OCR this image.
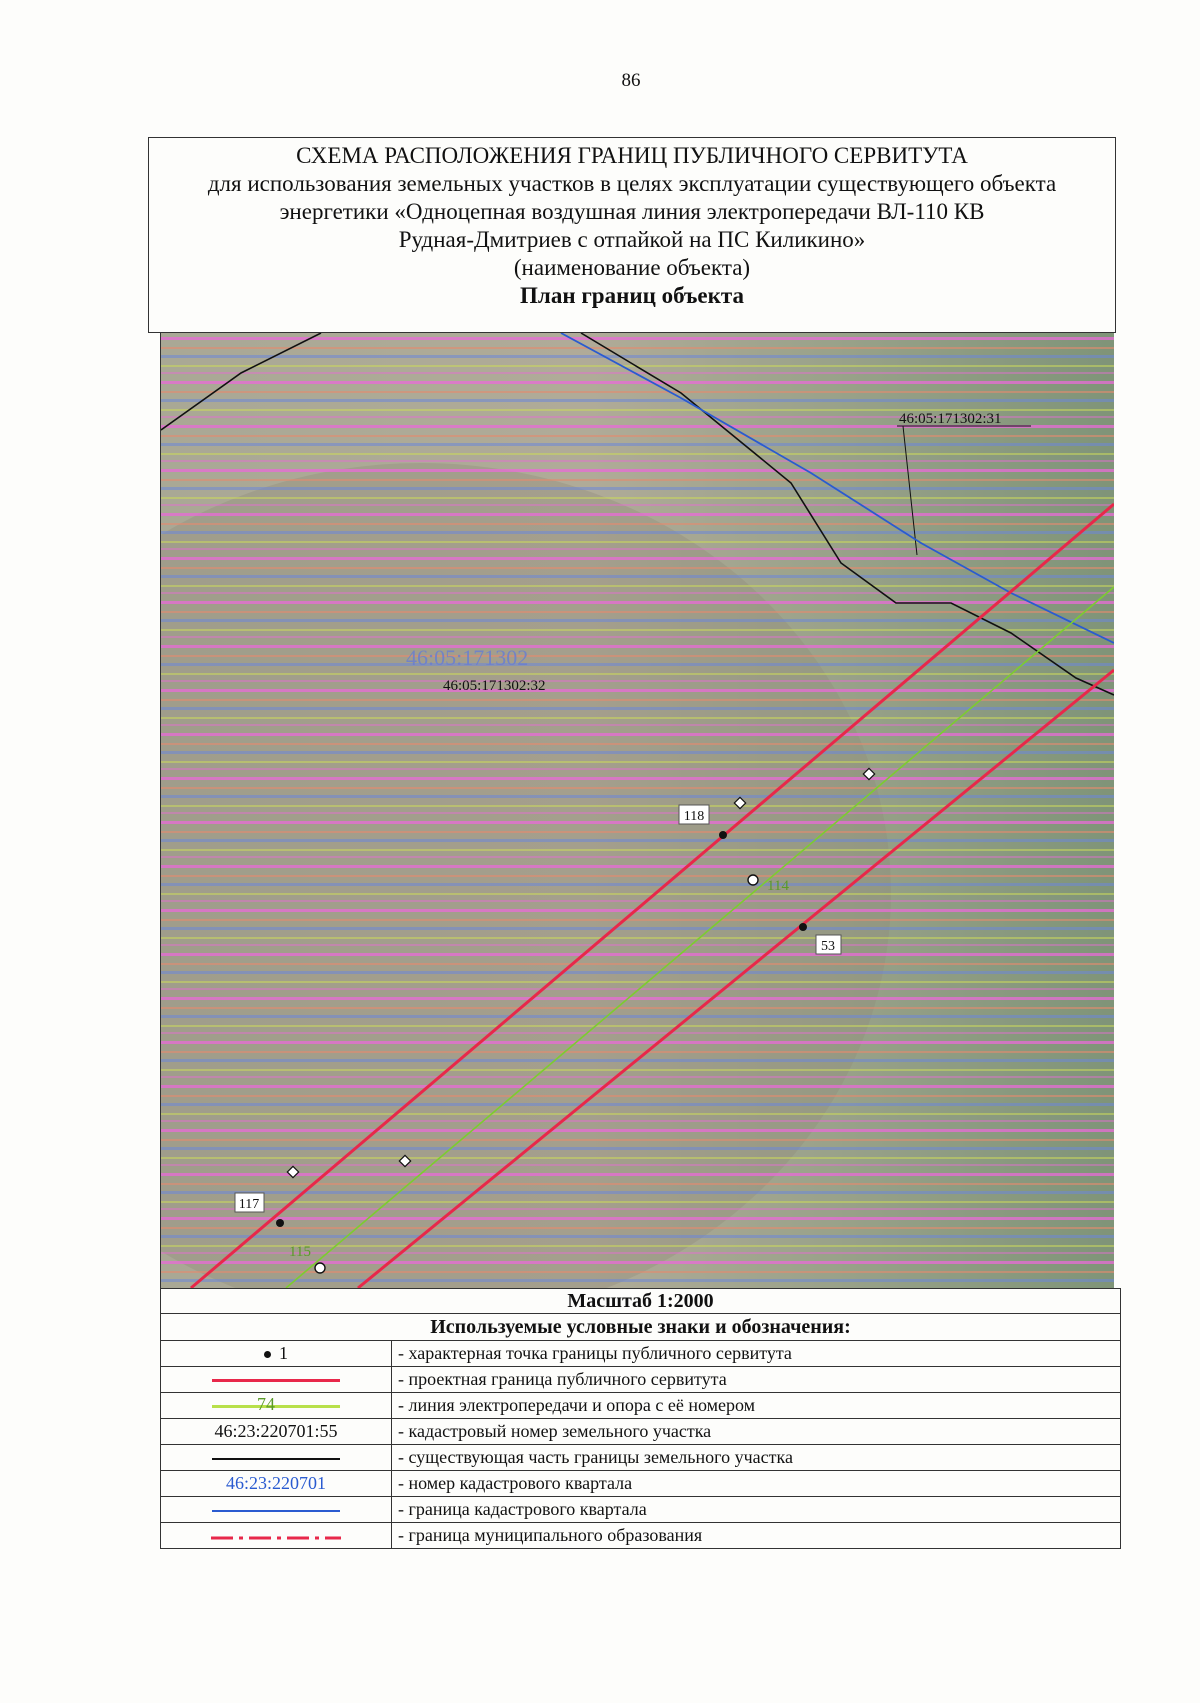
86
СХЕМА РАСПОЛОЖЕНИЯ ГРАНИЦ ПУБЛИЧНОГО СЕРВИТУТА
для использования земельных участков в целях эксплуатации существующего объекта
энергетики «Одноцепная воздушная линия электропередачи ВЛ-110 КВ
Рудная-Дмитриев с отпайкой на ПС Киликино»
(наименование объекта)
План границ объекта
114
115
118
53
117
46:05:171302
46:05:171302:32
46:05:171302:31
Масштаб 1:2000
Используемые условные знаки и обозначения:
1	- характерная точка границы публичного сервитута
	- проектная граница публичного сервитута

74	- линия электропередачи и опора с её номером
46:23:220701:55	- кадастровый номер земельного участка
	- существующая часть границы земельного участка
46:23:220701	- номер кадастрового квартала
	- граница кадастрового квартала
	- граница муниципального образования
